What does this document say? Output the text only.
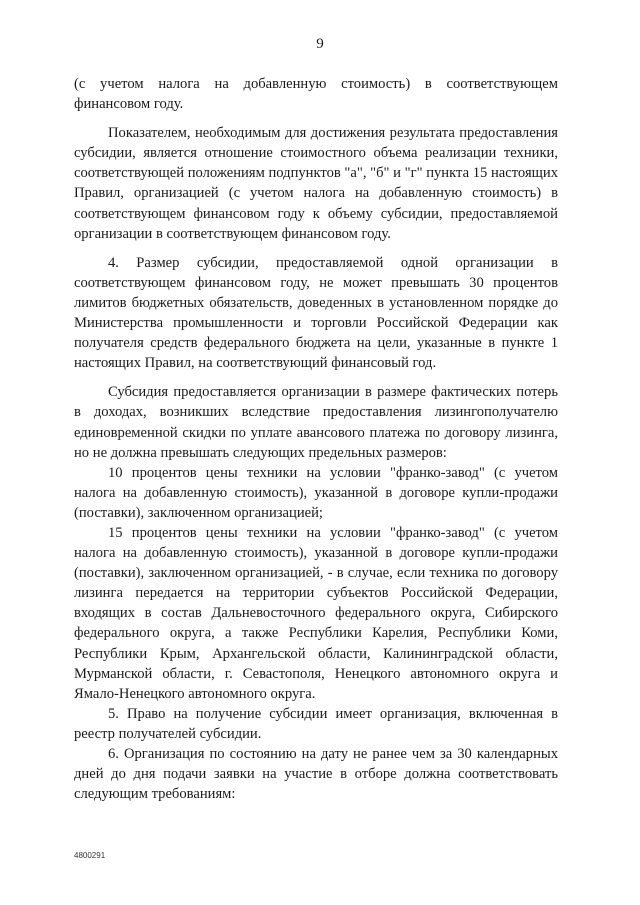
9

(с учетом налога на добавленную стоимость) в соответствующем финансовом году.

Показателем, необходимым для достижения результата предоставления субсидии, является отношение стоимостного объема реализации техники, соответствующей положениям подпунктов "а", "б" и "г" пункта 15 настоящих Правил, организацией (с учетом налога на добавленную стоимость) в соответствующем финансовом году к объему субсидии, предоставляемой организации в соответствующем финансовом году.

4. Размер субсидии, предоставляемой одной организации в соответствующем финансовом году, не может превышать 30 процентов лимитов бюджетных обязательств, доведенных в установленном порядке до Министерства промышленности и торговли Российской Федерации как получателя средств федерального бюджета на цели, указанные в пункте 1 настоящих Правил, на соответствующий финансовый год.

Субсидия предоставляется организации в размере фактических потерь в доходах, возникших вследствие предоставления лизингополучателю единовременной скидки по уплате авансового платежа по договору лизинга, но не должна превышать следующих предельных размеров:

10 процентов цены техники на условии "франко-завод" (с учетом налога на добавленную стоимость), указанной в договоре купли-продажи (поставки), заключенном организацией;

15 процентов цены техники на условии "франко-завод" (с учетом налога на добавленную стоимость), указанной в договоре купли-продажи (поставки), заключенном организацией, - в случае, если техника по договору лизинга передается на территории субъектов Российской Федерации, входящих в состав Дальневосточного федерального округа, Сибирского федерального округа, а также Республики Карелия, Республики Коми, Республики Крым, Архангельской области, Калининградской области, Мурманской области, г. Севастополя, Ненецкого автономного округа и Ямало-Ненецкого автономного округа.

5. Право на получение субсидии имеет организация, включенная в реестр получателей субсидии.

6. Организация по состоянию на дату не ранее чем за 30 календарных дней до дня подачи заявки на участие в отборе должна соответствовать следующим требованиям:

4800291
